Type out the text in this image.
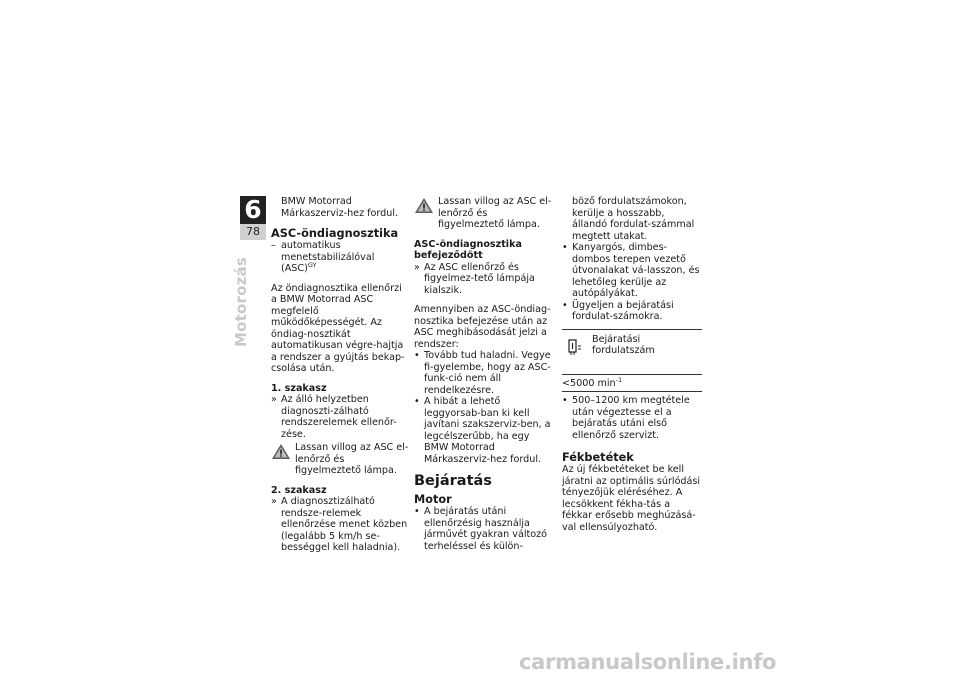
6
78
Motorozás

BMW Motorrad Márkaszerviz-hez fordul.

ASC-öndiagnosztika

– automatikus menetstabilizálóval (ASC)$^{GY}$

Az öndiagnosztika ellenőrzi a BMW Motorrad ASC megfelelő működőképességét. Az öndiag-nosztikát automatikusan végre-hajtja a rendszer a gyújtás bekap-csolása után.

1. szakasz

» Az álló helyzetben diagnoszti-zálható rendszerelemek ellenőr-zése.

Lassan villog az ASC el-lenőrző és figyelmeztető lámpa.

2. szakasz

» A diagnosztizálható rendsze-relemek ellenőrzése menet közben (legalább 5 km/h se-bességgel kell haladnia).

Lassan villog az ASC el-lenőrző és figyelmeztető lámpa.

ASC-öndiagnosztika befejeződött

» Az ASC ellenőrző és figyelmez-tető lámpája kialszik.

Amennyiben az ASC-öndiag-nosztika befejezése után az ASC meghibásodását jelzi a rendszer:

• Tovább tud haladni. Vegye fi-gyelembe, hogy az ASC-funk-ció nem áll rendelkezésre.

• A hibát a lehető leggyorsab-ban ki kell javítani szakszerviz-ben, a legcélszerűbb, ha egy BMW Motorrad Márkaszerviz-hez fordul.

Bejáratás

Motor

• A bejáratás utáni ellenőrzésig használja járművét gyakran változó terheléssel és külön-

böző fordulatszámokon, kerülje a hosszabb, állandó fordulat-számmal megtett utakat.

• Kanyargós, dimbes-dombos terepen vezető útvonalakat vá-lasszon, és lehetőleg kerülje az autópályákat.

• Ügyeljen a bejáratási fordulat-számokra.

Bejáratási fordulatszám
<5000 $\min^{-1}$

• 500–1200 km megtétele után végeztesse el a bejáratás utáni első ellenőrző szervizt.

Fékbetétek

Az új fékbetéteket be kell járatni az optimális súrlódási tényezőjük eléréséhez. A lecsökkent fékha-tás a fékkar erősebb meghúzásá-val ellensúlyozható.

carmanualsonline.info
